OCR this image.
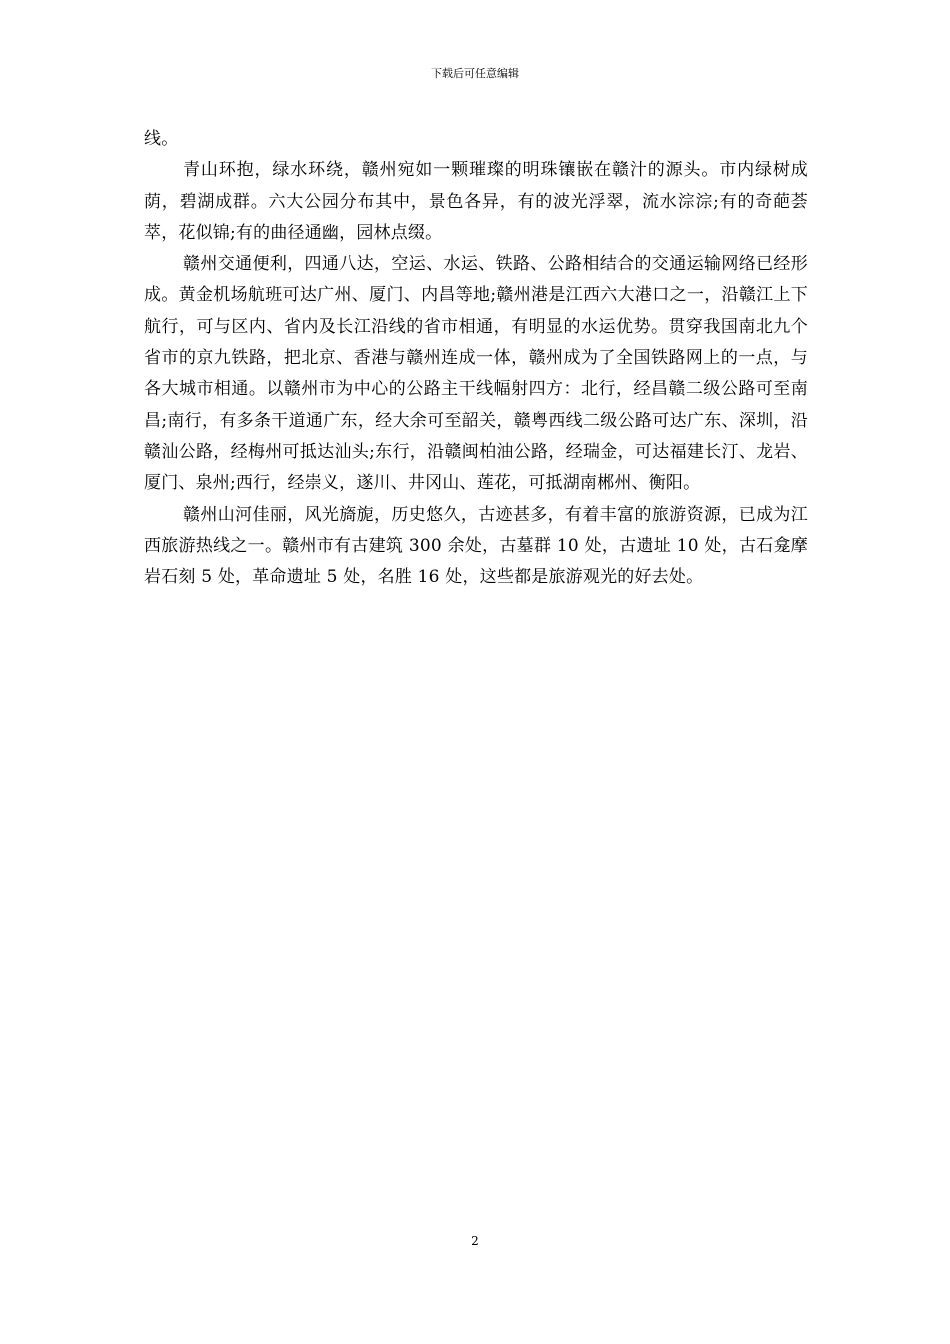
下载后可任意编辑

线。

青山环抱，绿水环绕，赣州宛如一颗璀璨的明珠镶嵌在赣汁的源头。市内绿树成荫，碧湖成群。六大公园分布其中，景色各异，有的波光浮翠，流水淙淙;有的奇葩荟萃，花似锦;有的曲径通幽，园林点缀。

赣州交通便利，四通八达，空运、水运、铁路、公路相结合的交通运输网络已经形成。黄金机场航班可达广州、厦门、内昌等地;赣州港是江西六大港口之一，沿赣江上下航行，可与区内、省内及长江沿线的省市相通，有明显的水运优势。贯穿我国南北九个省市的京九铁路，把北京、香港与赣州连成一体，赣州成为了全国铁路网上的一点，与各大城市相通。以赣州市为中心的公路主干线幅射四方：北行，经昌赣二级公路可至南昌;南行，有多条干道通广东，经大余可至韶关，赣粤西线二级公路可达广东、深圳，沿赣汕公路，经梅州可抵达汕头;东行，沿赣闽柏油公路，经瑞金，可达福建长汀、龙岩、厦门、泉州;西行，经崇义，遂川、井冈山、莲花，可抵湖南郴州、衡阳。

赣州山河佳丽，风光旖旎，历史悠久，古迹甚多，有着丰富的旅游资源，已成为江西旅游热线之一。赣州市有古建筑 300 余处，古墓群 10 处，古遗址 10 处，古石龛摩岩石刻 5 处，革命遗址 5 处，名胜 16 处，这些都是旅游观光的好去处。

2
